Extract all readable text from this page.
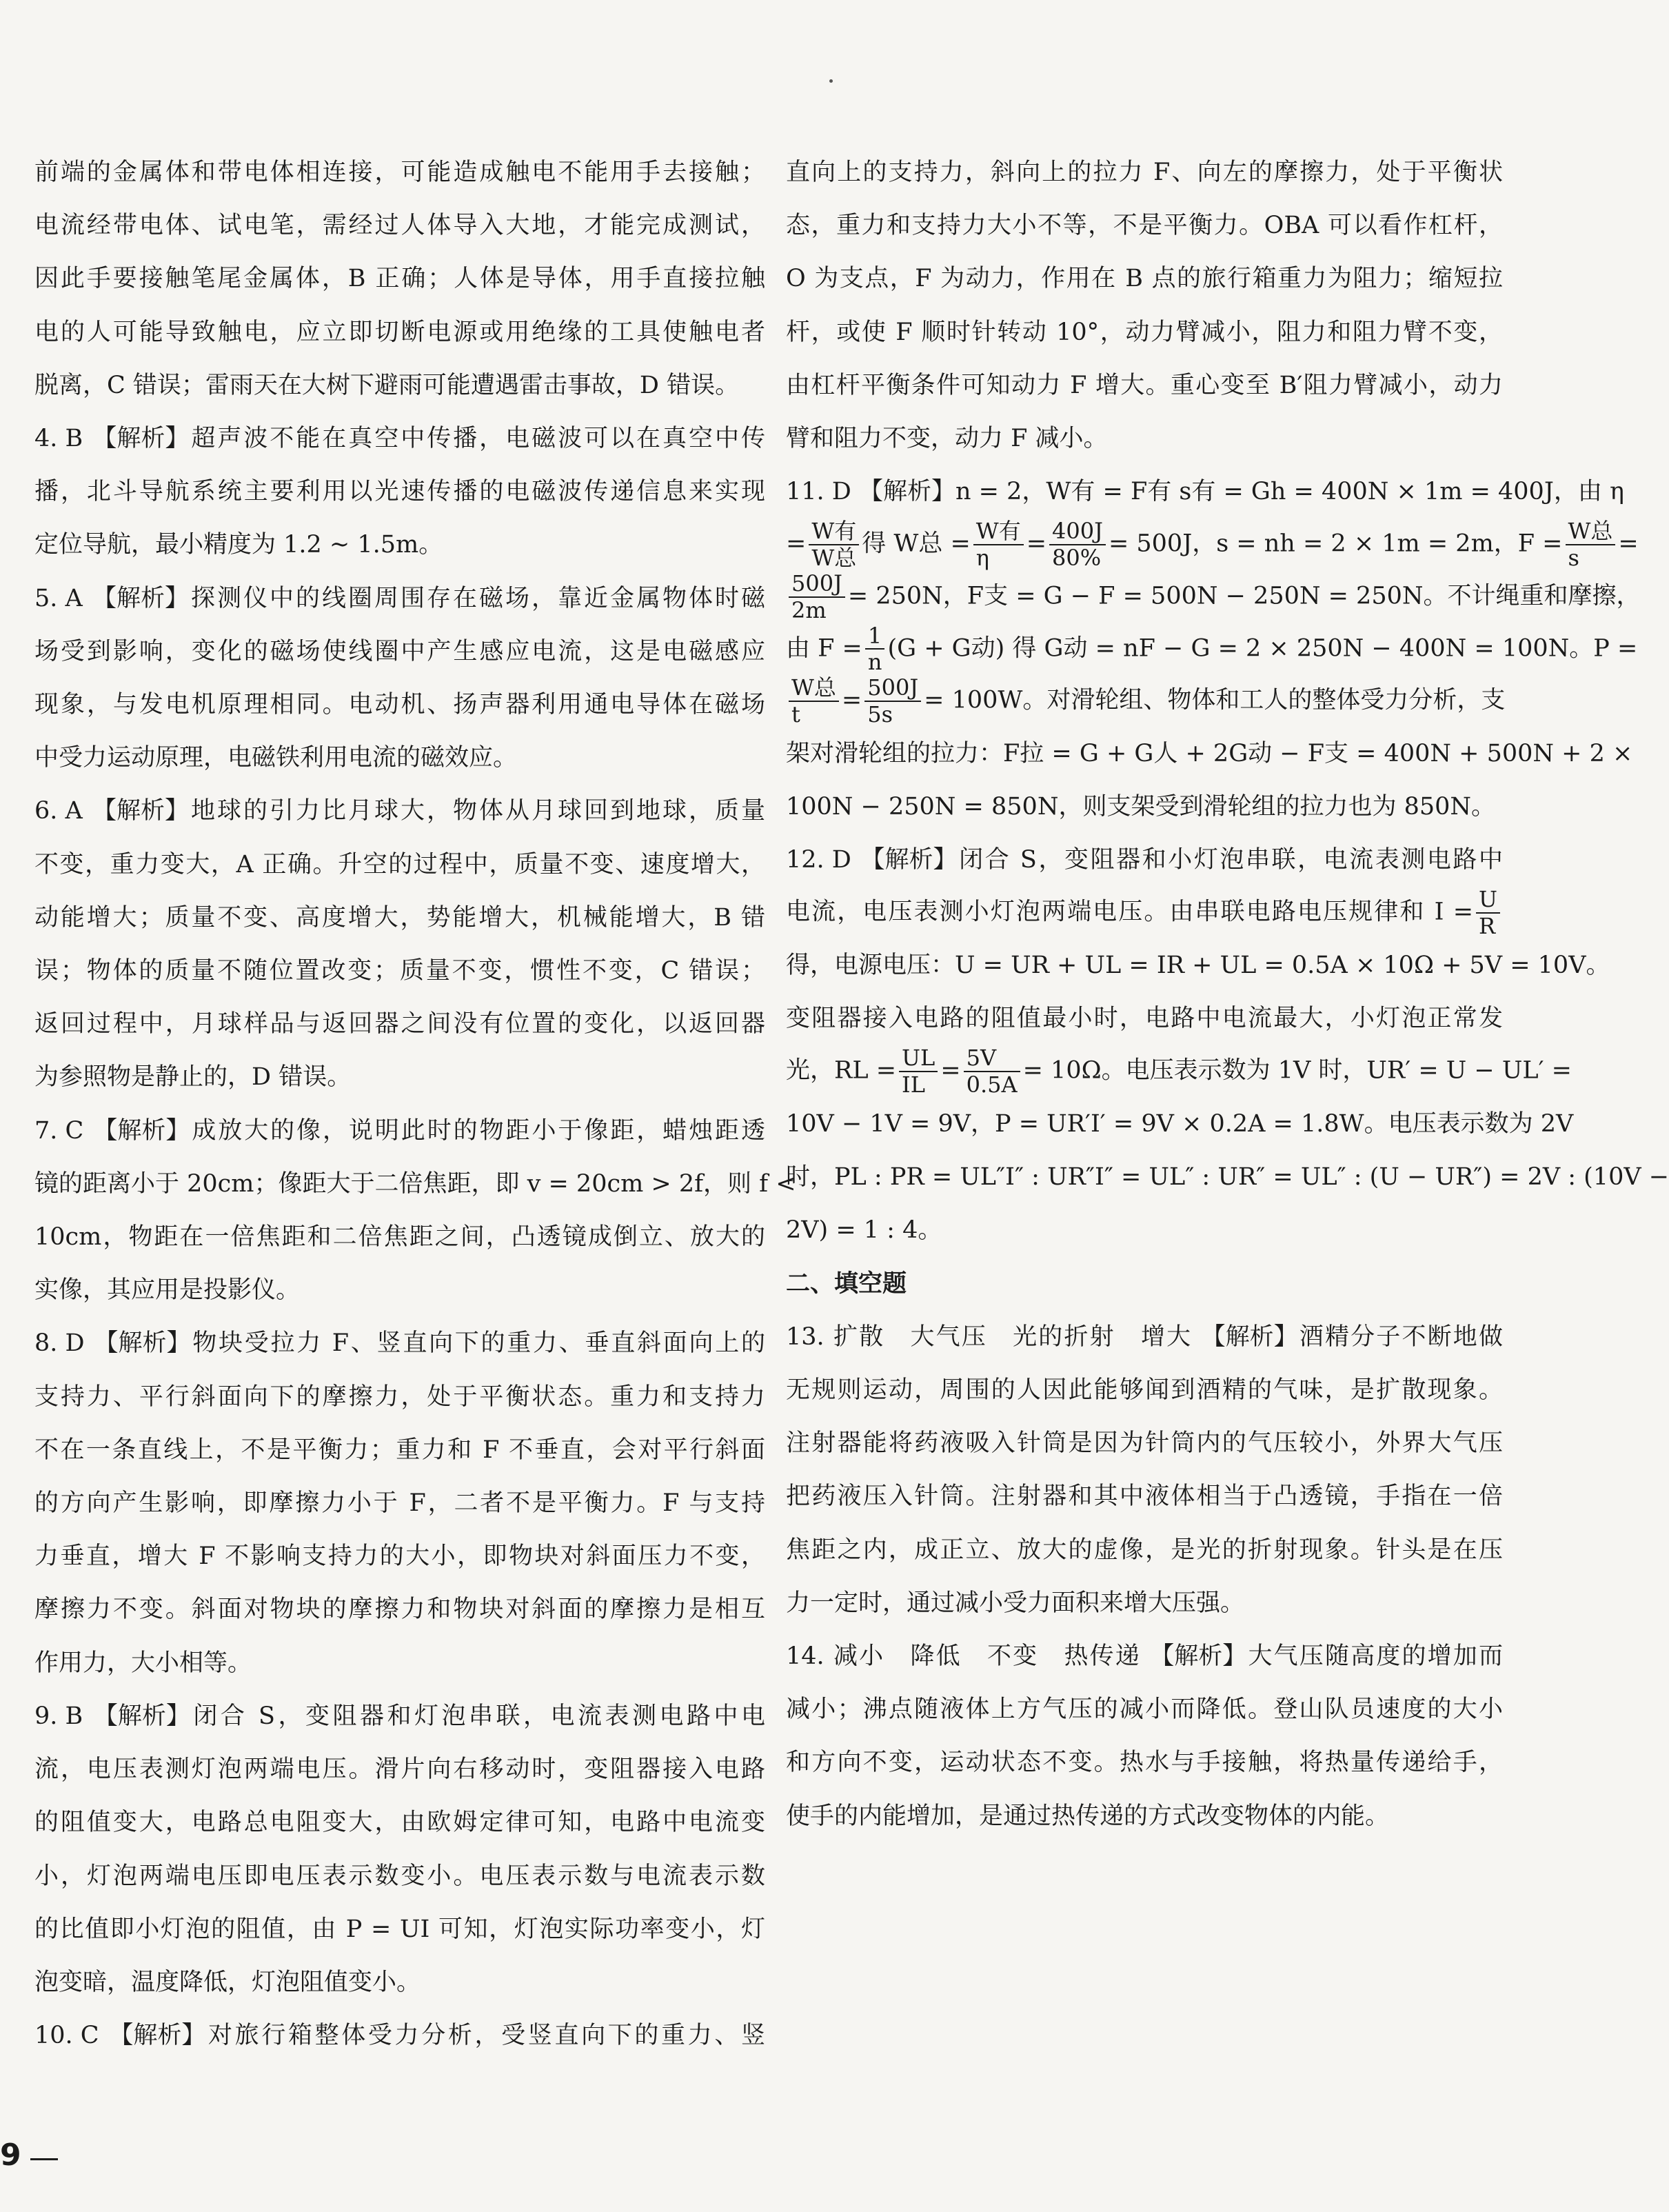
前端的金属体和带电体相连接，可能造成触电不能用手去接触；
电流经带电体、试电笔，需经过人体导入大地，才能完成测试，
因此手要接触笔尾金属体，B 正确；人体是导体，用手直接拉触
电的人可能导致触电，应立即切断电源或用绝缘的工具使触电者
脱离，C 错误；雷雨天在大树下避雨可能遭遇雷击事故，D 错误。

4. B 【解析】超声波不能在真空中传播，电磁波可以在真空中传
播，北斗导航系统主要利用以光速传播的电磁波传递信息来实现
定位导航，最小精度为 1.2 ~ 1.5m。

5. A 【解析】探测仪中的线圈周围存在磁场，靠近金属物体时磁
场受到影响，变化的磁场使线圈中产生感应电流，这是电磁感应
现象，与发电机原理相同。电动机、扬声器利用通电导体在磁场
中受力运动原理，电磁铁利用电流的磁效应。

6. A 【解析】地球的引力比月球大，物体从月球回到地球，质量
不变，重力变大，A 正确。升空的过程中，质量不变、速度增大，
动能增大；质量不变、高度增大，势能增大，机械能增大，B 错
误；物体的质量不随位置改变；质量不变，惯性不变，C 错误；
返回过程中，月球样品与返回器之间没有位置的变化，以返回器
为参照物是静止的，D 错误。

7. C 【解析】成放大的像，说明此时的物距小于像距，蜡烛距透
镜的距离小于 20cm；像距大于二倍焦距，即 v = 20cm > 2f，则 f <
10cm，物距在一倍焦距和二倍焦距之间，凸透镜成倒立、放大的
实像，其应用是投影仪。

8. D 【解析】物块受拉力 F、竖直向下的重力、垂直斜面向上的
支持力、平行斜面向下的摩擦力，处于平衡状态。重力和支持力
不在一条直线上，不是平衡力；重力和 F 不垂直，会对平行斜面
的方向产生影响，即摩擦力小于 F，二者不是平衡力。F 与支持
力垂直，增大 F 不影响支持力的大小，即物块对斜面压力不变，
摩擦力不变。斜面对物块的摩擦力和物块对斜面的摩擦力是相互
作用力，大小相等。

9. B 【解析】闭合 S，变阻器和灯泡串联，电流表测电路中电
流，电压表测灯泡两端电压。滑片向右移动时，变阻器接入电路
的阻值变大，电路总电阻变大，由欧姆定律可知，电路中电流变
小，灯泡两端电压即电压表示数变小。电压表示数与电流表示数
的比值即小灯泡的阻值，由 P = UI 可知，灯泡实际功率变小，灯
泡变暗，温度降低，灯泡阻值变小。

10. C 【解析】对旅行箱整体受力分析，受竖直向下的重力、竖

直向上的支持力，斜向上的拉力 F、向左的摩擦力，处于平衡状
态，重力和支持力大小不等，不是平衡力。OBA 可以看作杠杆，
O 为支点，F 为动力，作用在 B 点的旅行箱重力为阻力；缩短拉
杆，或使 F 顺时针转动 10°，动力臂减小，阻力和阻力臂不变，
由杠杆平衡条件可知动力 F 增大。重心变至 B′阻力臂减小，动力
臂和阻力不变，动力 F 减小。

11. D 【解析】n = 2，W有 = F有 s有 = Gh = 400N × 1m = 400J，由 η
= $\frac{\text{W有}}{\text{W总}}$ 得 W总 = $\frac{\text{W有}}{\eta} = \frac{400J}{80\%} = 500J$，s = nh = 2 × 1m = 2m，$F = \frac{\text{W总}}{s}$ =
$\frac{500J}{2m} = 250N$，F支 = G − F = 500N − 250N = 250N。不计绳重和摩擦，
由 $F = \frac{1}{n} (G + G$动) 得 G动 = nF − G = 2 × 250N − 400N = 100N。P =
$\frac{\text{W总}}{t} = \frac{500J}{5s} = 100W$。对滑轮组、物体和工人的整体受力分析，支
架对滑轮组的拉力：F拉 = G + G人 + 2G动 − F支 = 400N + 500N + 2 ×
100N − 250N = 850N，则支架受到滑轮组的拉力也为 850N。

12. D 【解析】闭合 S，变阻器和小灯泡串联，电流表测电路中
电流，电压表测小灯泡两端电压。由串联电路电压规律和 $I = \frac{U}{R}$
得，电源电压：U = UR + UL = IR + UL = 0.5A × 10Ω + 5V = 10V。
变阻器接入电路的阻值最小时，电路中电流最大，小灯泡正常发
光，RL = $\frac{UL}{IL} = \frac{5V}{0.5A} = 10\Omega$。电压表示数为 1V 时，UR′ = U − UL′ =
10V − 1V = 9V，P = UR′I′ = 9V × 0.2A = 1.8W。电压表示数为 2V
时，PL : PR = UL″I″ : UR″I″ = UL″ : UR″ = UL″ : (U − UR″) = 2V : (10V −
2V) = 1 : 4。

二、填空题

13. 扩散　大气压　光的折射　增大 【解析】酒精分子不断地做
无规则运动，周围的人因此能够闻到酒精的气味，是扩散现象。
注射器能将药液吸入针筒是因为针筒内的气压较小，外界大气压
把药液压入针筒。注射器和其中液体相当于凸透镜，手指在一倍
焦距之内，成正立、放大的虚像，是光的折射现象。针头是在压
力一定时，通过减小受力面积来增大压强。

14. 减小　降低　不变　热传递 【解析】大气压随高度的增加而
减小；沸点随液体上方气压的减小而降低。登山队员速度的大小
和方向不变，运动状态不变。热水与手接触，将热量传递给手，
使手的内能增加，是通过热传递的方式改变物体的内能。

9
